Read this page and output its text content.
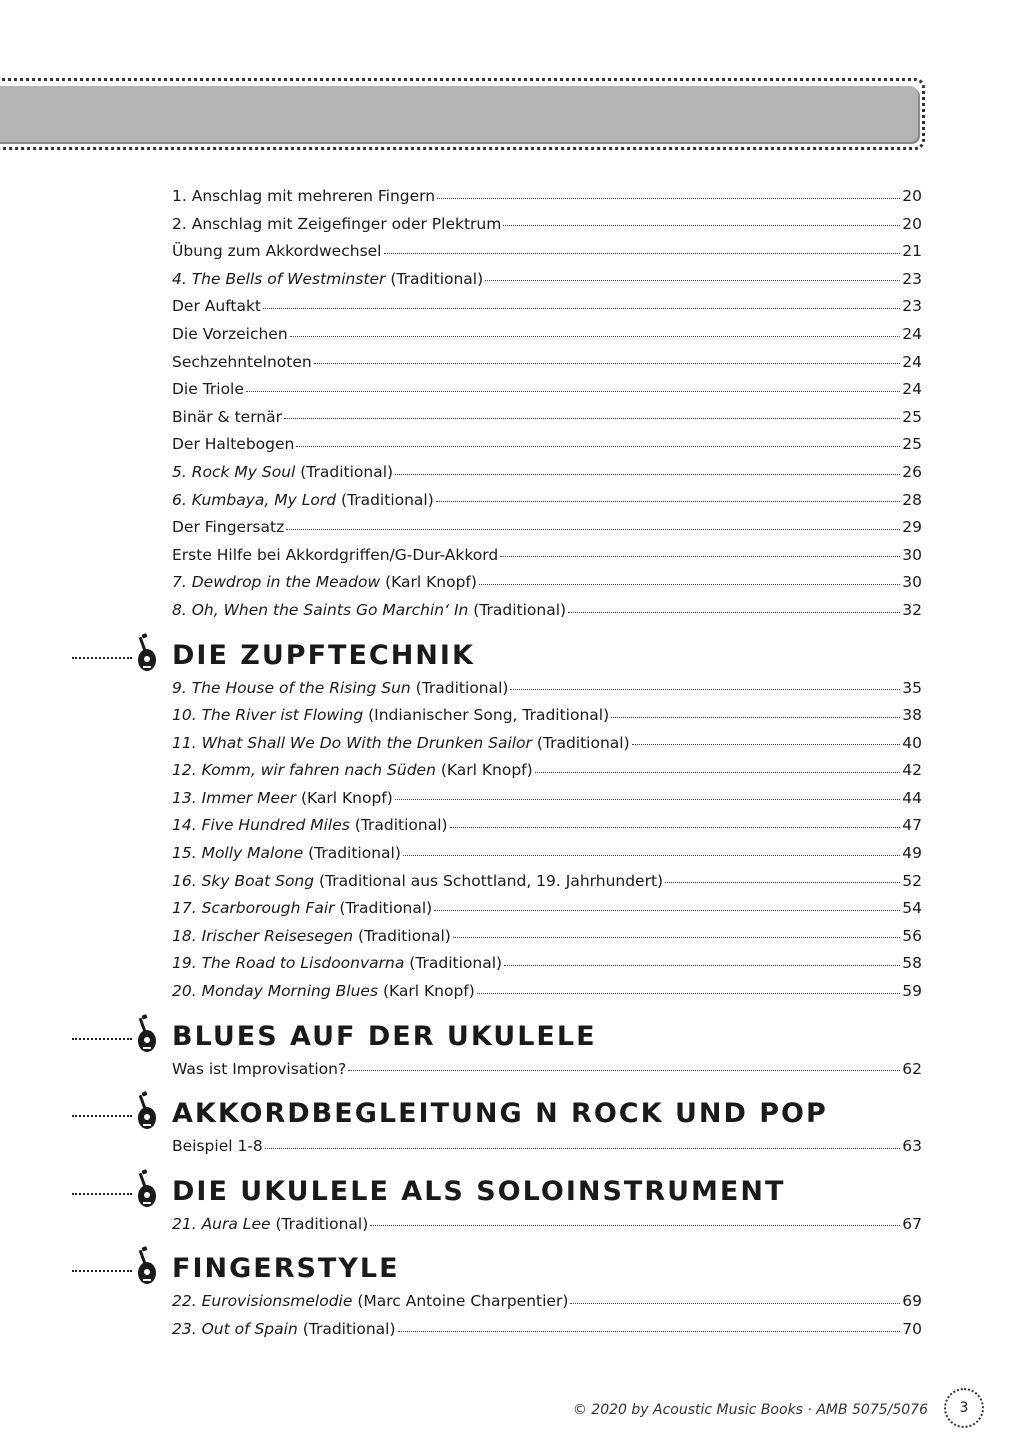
1. Anschlag mit mehreren Fingern	20
2. Anschlag mit Zeigefinger oder Plektrum	20
Übung zum Akkordwechsel	21
4. The Bells of Westminster (Traditional)	23
Der Auftakt	23
Die Vorzeichen	24
Sechzehntelnoten	24
Die Triole	24
Binär & ternär	25
Der Haltebogen	25
5. Rock My Soul (Traditional)	26
6. Kumbaya, My Lord (Traditional)	28
Der Fingersatz	29
Erste Hilfe bei Akkordgriffen/G-Dur-Akkord	30
7. Dewdrop in the Meadow (Karl Knopf)	30
8. Oh, When the Saints Go Marchin‘ In (Traditional)	32
DIE ZUPFTECHNIK
9. The House of the Rising Sun (Traditional)	35
10. The River ist Flowing (Indianischer Song, Traditional)	38
11. What Shall We Do With the Drunken Sailor (Traditional)	40
12. Komm, wir fahren nach Süden (Karl Knopf)	42
13. Immer Meer (Karl Knopf)	44
14. Five Hundred Miles (Traditional)	47
15. Molly Malone (Traditional)	49
16. Sky Boat Song (Traditional aus Schottland, 19. Jahrhundert)	52
17. Scarborough Fair (Traditional)	54
18. Irischer Reisesegen (Traditional)	56
19. The Road to Lisdoonvarna (Traditional)	58
20. Monday Morning Blues (Karl Knopf)	59
BLUES AUF DER UKULELE
Was ist Improvisation?	62
AKKORDBEGLEITUNG N ROCK UND POP
Beispiel 1-8	63
DIE UKULELE ALS SOLOINSTRUMENT
21. Aura Lee (Traditional)	67
FINGERSTYLE
22. Eurovisionsmelodie (Marc Antoine Charpentier)	69
23. Out of Spain (Traditional)	70
© 2020 by Acoustic Music Books · AMB 5075/5076 3
